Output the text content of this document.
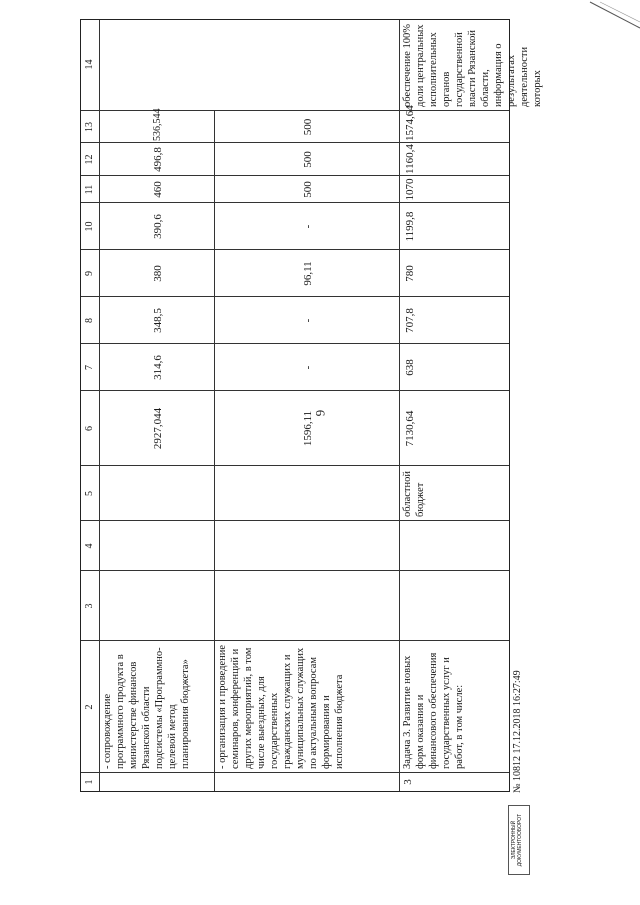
6
1
2
3
4
5
6
7
8
9
10
11
12
13
14
- сопровождение программного продукта в министерстве финансов Рязанской области подсистемы «Программно-целевой метод планирования бюджета»
2927,044
314,6
348,5
380
390,6
460
496,8
536,544
- организация и проведение семинаров, конференций и других мероприятий, в том числе выездных, для государственных гражданских служащих и муниципальных служащих по актуальным вопросам формирования и исполнения бюджета
1596,11
-
-
96,11
-
500
500
500
3
Задача 3. Развитие новых форм оказания и финансового обеспечения государственных услуг и работ, в том числе:
областной бюджет
7130,64
638
707,8
780
1199,8
1070
1160,4
1574,64
обеспечение 100% доли центральных исполнительных органов государственной власти Рязанской области, информация о результатах деятельности которых
№ 10812 17.12.2018 16:27:49
ЭЛЕКТРОННЫЙ ДОКУМЕНТООБОРОТ
